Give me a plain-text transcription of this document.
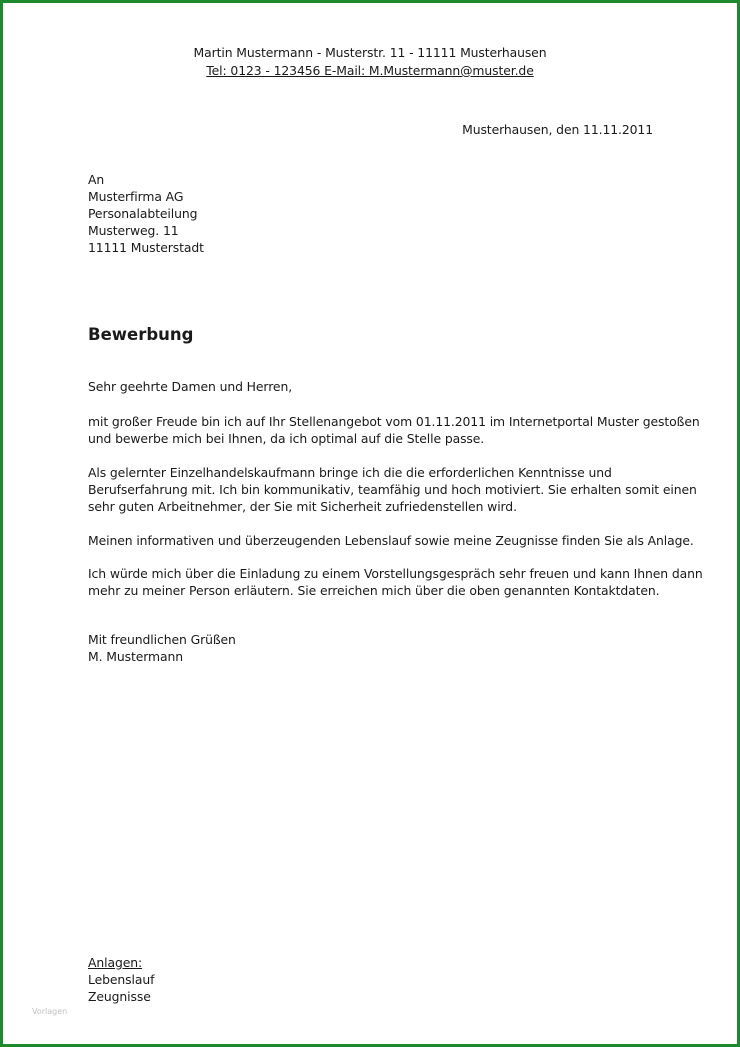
Martin Mustermann - Musterstr. 11 - 11111 Musterhausen

Tel: 0123 - 123456 E-Mail: M.Mustermann@muster.de

Musterhausen, den 11.11.2011

An

Musterfirma AG

Personalabteilung

Musterweg. 11

11111 Musterstadt

Bewerbung

Sehr geehrte Damen und Herren,

mit großer Freude bin ich auf Ihr Stellenangebot vom 01.11.2011 im Internetportal Muster gestoßen

und bewerbe mich bei Ihnen, da ich optimal auf die Stelle passe.

Als gelernter Einzelhandelskaufmann bringe ich die die erforderlichen Kenntnisse und

Berufserfahrung mit. Ich bin kommunikativ, teamfähig und hoch motiviert. Sie erhalten somit einen

sehr guten Arbeitnehmer, der Sie mit Sicherheit zufriedenstellen wird.

Meinen informativen und überzeugenden Lebenslauf sowie meine Zeugnisse finden Sie als Anlage.

Ich würde mich über die Einladung zu einem Vorstellungsgespräch sehr freuen und kann Ihnen dann

mehr zu meiner Person erläutern. Sie erreichen mich über die oben genannten Kontaktdaten.

Mit freundlichen Grüßen

M. Mustermann

Anlagen:

Lebenslauf

Zeugnisse

Vorlagen
